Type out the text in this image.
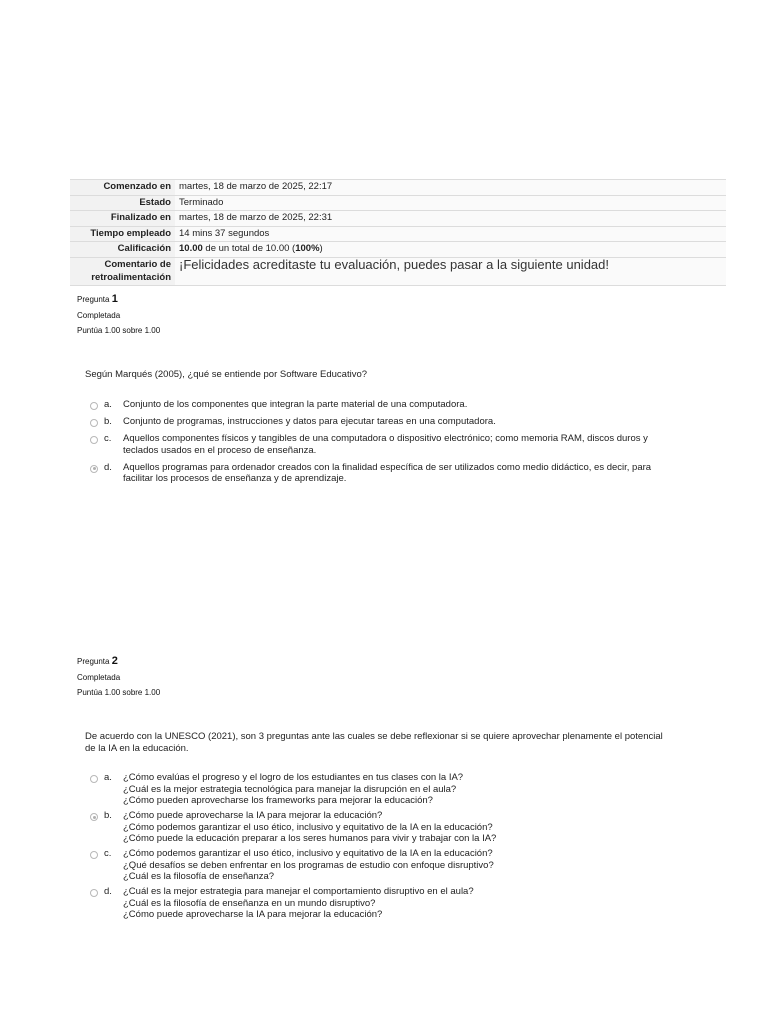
Comenzado en	martes, 18 de marzo de 2025, 22:17
Estado	Terminado
Finalizado en	martes, 18 de marzo de 2025, 22:31
Tiempo empleado	14 mins 37 segundos
Calificación	10.00 de un total de 10.00 (100%)

Comentario de
retroalimentación	¡Felicidades acreditaste tu evaluación, puedes pasar a la siguiente unidad!
Pregunta 1
Completada
Puntúa 1.00 sobre 1.00
Según Marqués (2005), ¿qué se entiende por Software Educativo?
a. Conjunto de los componentes que integran la parte material de una computadora.
b. Conjunto de programas, instrucciones y datos para ejecutar tareas en una computadora.
c. Aquellos componentes físicos y tangibles de una computadora o dispositivo electrónico; como memoria RAM, discos duros y
teclados usados en el proceso de enseñanza.
d. Aquellos programas para ordenador creados con la finalidad específica de ser utilizados como medio didáctico, es decir, para
facilitar los procesos de enseñanza y de aprendizaje.
Pregunta 2
Completada
Puntúa 1.00 sobre 1.00
De acuerdo con la UNESCO (2021), son 3 preguntas ante las cuales se debe reflexionar si se quiere aprovechar plenamente el potencial
de la IA en la educación.
a. ¿Cómo evalúas el progreso y el logro de los estudiantes en tus clases con la IA?
¿Cuál es la mejor estrategia tecnológica para manejar la disrupción en el aula?
¿Cómo pueden aprovecharse los frameworks para mejorar la educación?
b. ¿Cómo puede aprovecharse la IA para mejorar la educación?
¿Cómo podemos garantizar el uso ético, inclusivo y equitativo de la IA en la educación?
¿Cómo puede la educación preparar a los seres humanos para vivir y trabajar con la IA?
c. ¿Cómo podemos garantizar el uso ético, inclusivo y equitativo de la IA en la educación?
¿Qué desafíos se deben enfrentar en los programas de estudio con enfoque disruptivo?
¿Cuál es la filosofía de enseñanza?
d. ¿Cuál es la mejor estrategia para manejar el comportamiento disruptivo en el aula?
¿Cuál es la filosofía de enseñanza en un mundo disruptivo?
¿Cómo puede aprovecharse la IA para mejorar la educación?
